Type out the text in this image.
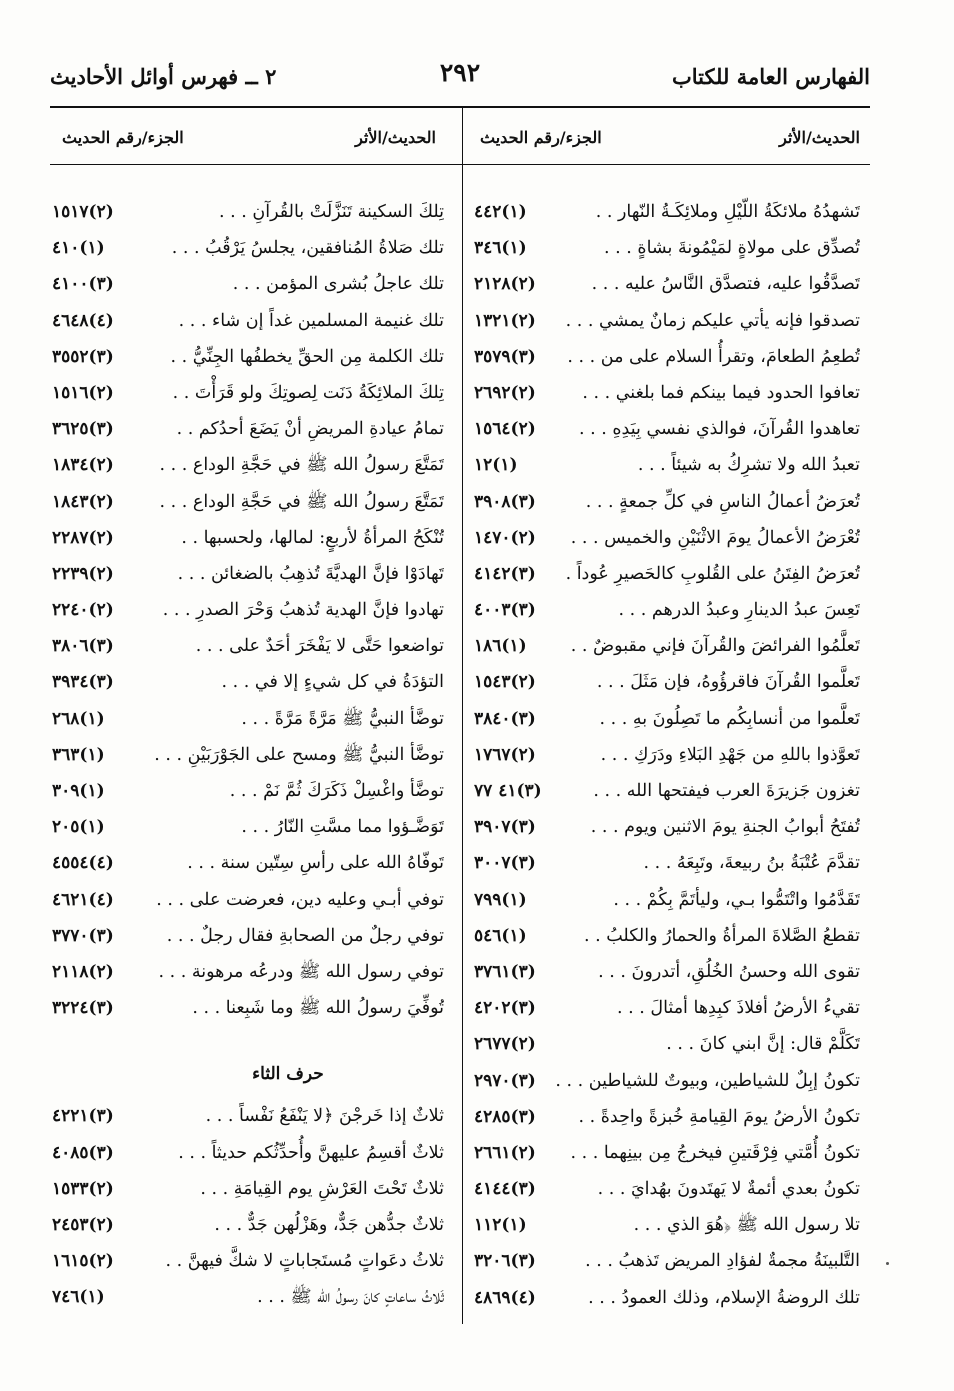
الفهارس العامة للكتاب
٢٩٢
٢ ــ فهرس أوائل الأحاديث
الحديث/الأثر
الجزء/رقم الحديث
الحديث/الأثر
الجزء/رقم الحديث
تَشهدُهُ ملائكَةُ اللّيْلِ وملائِكَـةُ النّهار . .
(١)٤٤٢
تُصدِّق على مولاةٍ لمَيْمُونةَ بشاةٍ . . .
(١)٣٤٦
تَصدَّقُوا عليه، فتصدَّق النَّاسُ عليه . . .
(٢)٢١٢٨
تصدقوا فإنه يأتي عليكم زمانٌ يمشي . . .
(٢)١٣٢١
تُطعِمُ الطعامَ، وتقرأُ السلام على من . . .
(٣)٣٥٧٩
تعافوا الحدود فيما بينكم فما بلغني . . .
(٢)٢٦٩٢
تعاهدوا القُرآنَ، فوالذي نفسي بِيَدِهِ . . .
(٢)١٥٦٤
تعبدُ الله ولا تشرِكُ به شيئاً . . .
(١)١٢
تُعرَضُ أعمالُ الناسِ في كلِّ جمعةٍ . . .
(٣)٣٩٠٨
تُعْرَضُ الأعمالُ يومَ الاثْنَيْنِ والخميس . . .
(٢)١٤٧٠
تُعرَضُ الفِتَنُ على القُلوبِ كالحَصيرِ عُوداً .
(٣)٤١٤٢
تَعِسَ عبدُ الدينارِ وعبدُ الدرهم . . .
(٣)٤٠٠٣
تَعلَّمُوا الفرائضَ والقُرآنَ فإني مقبوضٌ . .
(١)١٨٦
تَعلَّموا القُرآنَ فاقرؤُوهُ، فإن مَثَلَ . . .
(٢)١٥٤٣
تَعلَّموا من أنسابِكُم ما تَصِلُونَ بهِ . . .
(٣)٣٨٤٠
تَعوَّذوا باللهِ من جَهْدِ البَلاءِ ودَرَكِ . . .
(٢)١٧٦٧
تغزون جَزيرَةَ العرب فيفتحها الله . . .
(٣)٤١ ٧٧
تُفتَحُ أبوابُ الجنةِ يومَ الاثنين ويوم . . .
(٣)٣٩٠٧
تقدَّمَ عُتْبَةُ بنُ ربيعةَ، وتَبِعَهُ . . .
(٣)٣٠٠٧
تَقَدَّمُوا واتْتَمُّوا بـي، وليأتَمَّ بِكُمْ . . .
(١)٧٩٩
تقطعُ الصَّلاةَ المرأةُ والحمارُ والكلبُ . .
(١)٥٤٦
تقوى الله وحسنُ الخُلُقِ، أتدرونَ . . .
(٣)٣٧٦١
تقيءُ الأرضُ أفلاذَ كبِدِها أمثالَ . . .
(٣)٤٢٠٢
تَكَلَّمْ قال: إنَّ ابني كانَ . . .
(٢)٢٦٧٧
تكونُ إبِلٌ للشياطين، وبيوتٌ للشياطين . . .
(٣)٢٩٧٠
تكونُ الأرضُ يومَ القِيامةِ خُبزةً واحِدةً . .
(٣)٤٢٨٥
تكونُ أُمَّتي فِرْقَتينِ فيخرجُ مِن بينِهما . . .
(٢)٢٦٦١
تكونُ بعدي أئمةٌ لا يَهتَدونَ بهُدايَ . . .
(٣)٤١٤٤
تلا رسول الله ﷺ ﴿هُوَ الذي . . .
(١)١١٢
التَّلبينَةُ مجمةٌ لفؤادِ المريض تَذهبُ . . .
(٣)٣٢٠٦
تلك الروضةُ الإسلام، وذلك العمودُ . . .
(٤)٤٨٦٩
تِلكَ السكينة تَنَزَّلَتْ بالقُرآنِ . . .
(٢)١٥١٧
تلك صَلاةُ المُنافقين، يجلسُ يَرْقُبُ . . .
(١)٤١٠
تلك عاجلُ بُشرى المؤمن . . .
(٣)٤١٠٠
تلك غنيمة المسلمين غداً إن شاء . . .
(٤)٤٦٤٨
تلك الكلمة مِن الحقِّ يخطفُها الجِنِّيُّ . .
(٣)٣٥٥٢
تِلكَ الملائِكَةُ دَنَت لِصوتِكَ ولو قَرَأْتَ . .
(٢)١٥١٦
تمامُ عيادةِ المريضِ أنْ يَضَعَ أحدُكم . .
(٣)٣٦٢٥
تَمَتَّعَ رسولُ الله ﷺ في حَجَّةِ الوداع . . .
(٢)١٨٣٤
تَمَتَّعَ رسولُ الله ﷺ في حَجَّةِ الوداع . . .
(٢)١٨٤٣
تُنْكَحُ المرأةُ لأربعٍ: لمالها، ولحسبها . .
(٢)٢٢٨٧
تَهادَوْا فإنَّ الهديَّةَ تُذهِبُ بالضغائن . . .
(٢)٢٢٣٩
تهادوا فإنَّ الهدية تُذهبُ وَحْرَ الصدرِ . . .
(٢)٢٢٤٠
تواضعوا حَتَّى لا يَفْخَرَ أحَدٌ على . . .
(٣)٣٨٠٦
التؤدَةُ في كل شيءٍ إلا في . . .
(٣)٣٩٣٤
توضَّأ النبيُّ ﷺ مَرَّةً مَرَّةً . . .
(١)٢٦٨
توضَّأ النبيُّ ﷺ ومسح على الجَوْرَبَيْنِ . . .
(١)٣٦٣
توضَّأ واغْسِلْ ذَكَرَكَ ثُمَّ نَمْ . . .
(١)٣٠٩
تَوَضَّـؤوا مما مسَّتِ النّارُ . . .
(١)٢٠٥
تَوفّاهُ الله على رأسِ سِتّين سنة . . .
(٤)٤٥٥٤
توفي أبـي وعليه دين، فعرضت على . . .
(٤)٤٦٢١
توفي رجلٌ من الصحابةِ فقال رجلٌ . . .
(٣)٣٧٧٠
توفي رسول الله ﷺ ودرعُه مرهونة . . .
(٢)٢١١٨
تُوفِّيَ رسولُ الله ﷺ وما شَبِعنا . . .
(٣)٣٢٢٤
حرف الثاء
ثلاثٌ إذا خَرجْنَ ﴿لا يَنْفَعُ نَفْساً . . .
(٣)٤٢٢١
ثلاثٌ أقسِمُ عليهنَّ وأُحدِّثُكم حديثاً . . .
(٣)٤٠٨٥
ثلاثٌ تَحْتَ العَرْشِ يوم القِيامَةِ . . .
(٢)١٥٣٣
ثلاثٌ جدُّهن جَدٌّ، وهَزْلُهن جَدٌّ . . .
(٢)٢٤٥٣
ثلاثُ دعَواتٍ مُستَجاباتٍ لا شكَّ فيهنَّ . .
(٢)١٦١٥
ثَلاثُ ساعاتٍ كانَ رسولُ الله ﷺ . . .
(١)٧٤٦
